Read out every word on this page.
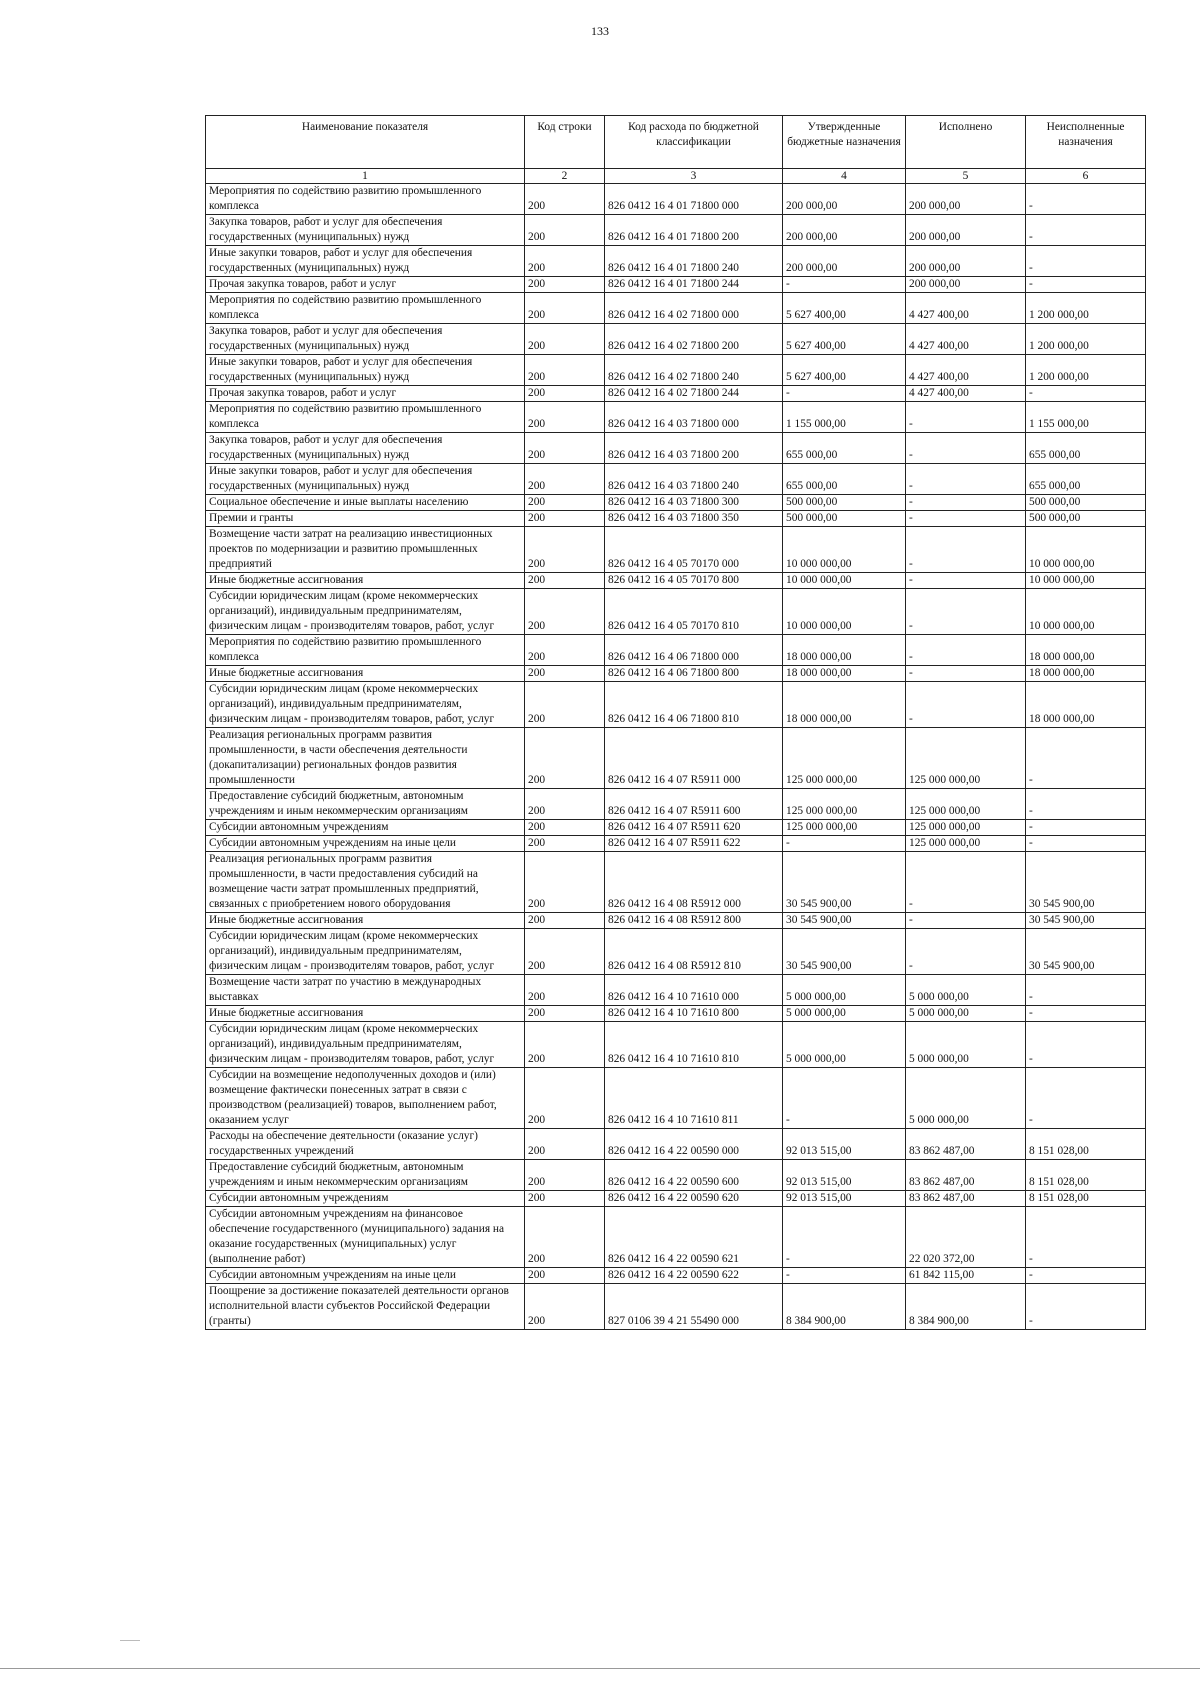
133
Наименование показателя	Код строки	Код расхода по бюджетной классификации	Утвержденные бюджетные назначения	Исполнено	Неисполненные назначения
1	2	3	4	5	6
Мероприятия по содействию развитию промышленного комплекса	200	826 0412 16 4 01 71800 000	200 000,00	200 000,00	-
Закупка товаров, работ и услуг для обеспечения государственных (муниципальных) нужд	200	826 0412 16 4 01 71800 200	200 000,00	200 000,00	-
Иные закупки товаров, работ и услуг для обеспечения государственных (муниципальных) нужд	200	826 0412 16 4 01 71800 240	200 000,00	200 000,00	-
Прочая закупка товаров, работ и услуг	200	826 0412 16 4 01 71800 244	-	200 000,00	-
Мероприятия по содействию развитию промышленного комплекса	200	826 0412 16 4 02 71800 000	5 627 400,00	4 427 400,00	1 200 000,00
Закупка товаров, работ и услуг для обеспечения государственных (муниципальных) нужд	200	826 0412 16 4 02 71800 200	5 627 400,00	4 427 400,00	1 200 000,00
Иные закупки товаров, работ и услуг для обеспечения государственных (муниципальных) нужд	200	826 0412 16 4 02 71800 240	5 627 400,00	4 427 400,00	1 200 000,00
Прочая закупка товаров, работ и услуг	200	826 0412 16 4 02 71800 244	-	4 427 400,00	-
Мероприятия по содействию развитию промышленного комплекса	200	826 0412 16 4 03 71800 000	1 155 000,00	-	1 155 000,00
Закупка товаров, работ и услуг для обеспечения государственных (муниципальных) нужд	200	826 0412 16 4 03 71800 200	655 000,00	-	655 000,00
Иные закупки товаров, работ и услуг для обеспечения государственных (муниципальных) нужд	200	826 0412 16 4 03 71800 240	655 000,00	-	655 000,00
Социальное обеспечение и иные выплаты населению	200	826 0412 16 4 03 71800 300	500 000,00	-	500 000,00
Премии и гранты	200	826 0412 16 4 03 71800 350	500 000,00	-	500 000,00
Возмещение части затрат на реализацию инвестиционных проектов по модернизации и развитию промышленных предприятий	200	826 0412 16 4 05 70170 000	10 000 000,00	-	10 000 000,00
Иные бюджетные ассигнования	200	826 0412 16 4 05 70170 800	10 000 000,00	-	10 000 000,00
Субсидии юридическим лицам (кроме некоммерческих организаций), индивидуальным предпринимателям, физическим лицам - производителям товаров, работ, услуг	200	826 0412 16 4 05 70170 810	10 000 000,00	-	10 000 000,00
Мероприятия по содействию развитию промышленного комплекса	200	826 0412 16 4 06 71800 000	18 000 000,00	-	18 000 000,00
Иные бюджетные ассигнования	200	826 0412 16 4 06 71800 800	18 000 000,00	-	18 000 000,00
Субсидии юридическим лицам (кроме некоммерческих организаций), индивидуальным предпринимателям, физическим лицам - производителям товаров, работ, услуг	200	826 0412 16 4 06 71800 810	18 000 000,00	-	18 000 000,00
Реализация региональных программ развития промышленности, в части обеспечения деятельности (докапитализации) региональных фондов развития промышленности	200	826 0412 16 4 07 R5911 000	125 000 000,00	125 000 000,00	-
Предоставление субсидий бюджетным, автономным учреждениям и иным некоммерческим организациям	200	826 0412 16 4 07 R5911 600	125 000 000,00	125 000 000,00	-
Субсидии автономным учреждениям	200	826 0412 16 4 07 R5911 620	125 000 000,00	125 000 000,00	-
Субсидии автономным учреждениям на иные цели	200	826 0412 16 4 07 R5911 622	-	125 000 000,00	-
Реализация региональных программ развития промышленности, в части предоставления субсидий на возмещение части затрат промышленных предприятий, связанных с приобретением нового оборудования	200	826 0412 16 4 08 R5912 000	30 545 900,00	-	30 545 900,00
Иные бюджетные ассигнования	200	826 0412 16 4 08 R5912 800	30 545 900,00	-	30 545 900,00
Субсидии юридическим лицам (кроме некоммерческих организаций), индивидуальным предпринимателям, физическим лицам - производителям товаров, работ, услуг	200	826 0412 16 4 08 R5912 810	30 545 900,00	-	30 545 900,00
Возмещение части затрат по участию в международных выставках	200	826 0412 16 4 10 71610 000	5 000 000,00	5 000 000,00	-
Иные бюджетные ассигнования	200	826 0412 16 4 10 71610 800	5 000 000,00	5 000 000,00	-
Субсидии юридическим лицам (кроме некоммерческих организаций), индивидуальным предпринимателям, физическим лицам - производителям товаров, работ, услуг	200	826 0412 16 4 10 71610 810	5 000 000,00	5 000 000,00	-
Субсидии на возмещение недополученных доходов и (или) возмещение фактически понесенных затрат в связи с производством (реализацией) товаров, выполнением работ, оказанием услуг	200	826 0412 16 4 10 71610 811	-	5 000 000,00	-
Расходы на обеспечение деятельности (оказание услуг) государственных учреждений	200	826 0412 16 4 22 00590 000	92 013 515,00	83 862 487,00	8 151 028,00
Предоставление субсидий бюджетным, автономным учреждениям и иным некоммерческим организациям	200	826 0412 16 4 22 00590 600	92 013 515,00	83 862 487,00	8 151 028,00
Субсидии автономным учреждениям	200	826 0412 16 4 22 00590 620	92 013 515,00	83 862 487,00	8 151 028,00
Субсидии автономным учреждениям на финансовое обеспечение государственного (муниципального) задания на оказание государственных (муниципальных) услуг (выполнение работ)	200	826 0412 16 4 22 00590 621	-	22 020 372,00	-
Субсидии автономным учреждениям на иные цели	200	826 0412 16 4 22 00590 622	-	61 842 115,00	-
Поощрение за достижение показателей деятельности органов исполнительной власти субъектов Российской Федерации (гранты)	200	827 0106 39 4 21 55490 000	8 384 900,00	8 384 900,00	-
